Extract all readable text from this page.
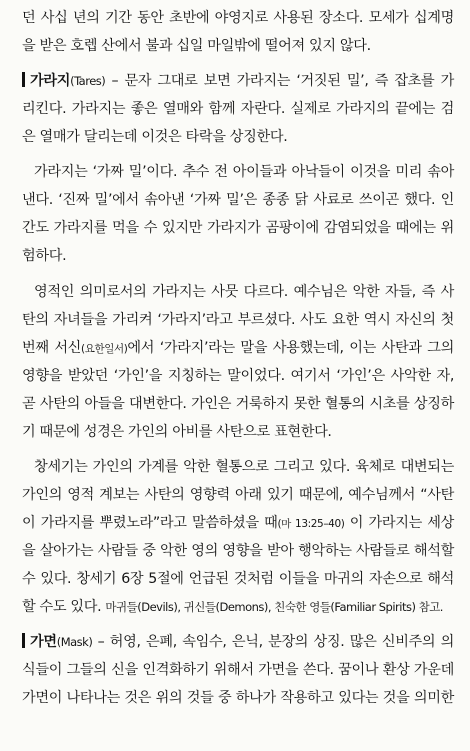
던 사십 년의 기간 동안 초반에 야영지로 사용된 장소다. 모세가 십계명
을 받은 호렙 산에서 불과 십일 마일밖에 떨어져 있지 않다.
가라지(Tares) – 문자 그대로 보면 가라지는 ‘거짓된 밀’, 즉 잡초를 가
리킨다. 가라지는 좋은 열매와 함께 자란다. 실제로 가라지의 끝에는 검
은 열매가 달리는데 이것은 타락을 상징한다.
가라지는 ‘가짜 밀’이다. 추수 전 아이들과 아낙들이 이것을 미리 솎아
낸다. ‘진짜 밀’에서 솎아낸 ‘가짜 밀’은 종종 닭 사료로 쓰이곤 했다. 인
간도 가라지를 먹을 수 있지만 가라지가 곰팡이에 감염되었을 때에는 위
험하다.
영적인 의미로서의 가라지는 사뭇 다르다. 예수님은 악한 자들, 즉 사
탄의 자녀들을 가리켜 ‘가라지’라고 부르셨다. 사도 요한 역시 자신의 첫
번째 서신(요한일서)에서 ‘가라지’라는 말을 사용했는데, 이는 사탄과 그의
영향을 받았던 ‘가인’을 지칭하는 말이었다. 여기서 ‘가인’은 사악한 자,
곧 사탄의 아들을 대변한다. 가인은 거룩하지 못한 혈통의 시초를 상징하
기 때문에 성경은 가인의 아비를 사탄으로 표현한다.
창세기는 가인의 가계를 악한 혈통으로 그리고 있다. 육체로 대변되는
가인의 영적 계보는 사탄의 영향력 아래 있기 때문에, 예수님께서 “사탄
이 가라지를 뿌렸노라”라고 말씀하셨을 때(마 13:25–40) 이 가라지는 세상
을 살아가는 사람들 중 악한 영의 영향을 받아 행악하는 사람들로 해석할
수 있다. 창세기 6장 5절에 언급된 것처럼 이들을 마귀의 자손으로 해석
할 수도 있다. 마귀들(Devils), 귀신들(Demons), 친숙한 영들(Familiar Spirits) 참고.
가면(Mask) – 허영, 은폐, 속임수, 은닉, 분장의 상징. 많은 신비주의 의
식들이 그들의 신을 인격화하기 위해서 가면을 쓴다. 꿈이나 환상 가운데
가면이 나타나는 것은 위의 것들 중 하나가 작용하고 있다는 것을 의미한
